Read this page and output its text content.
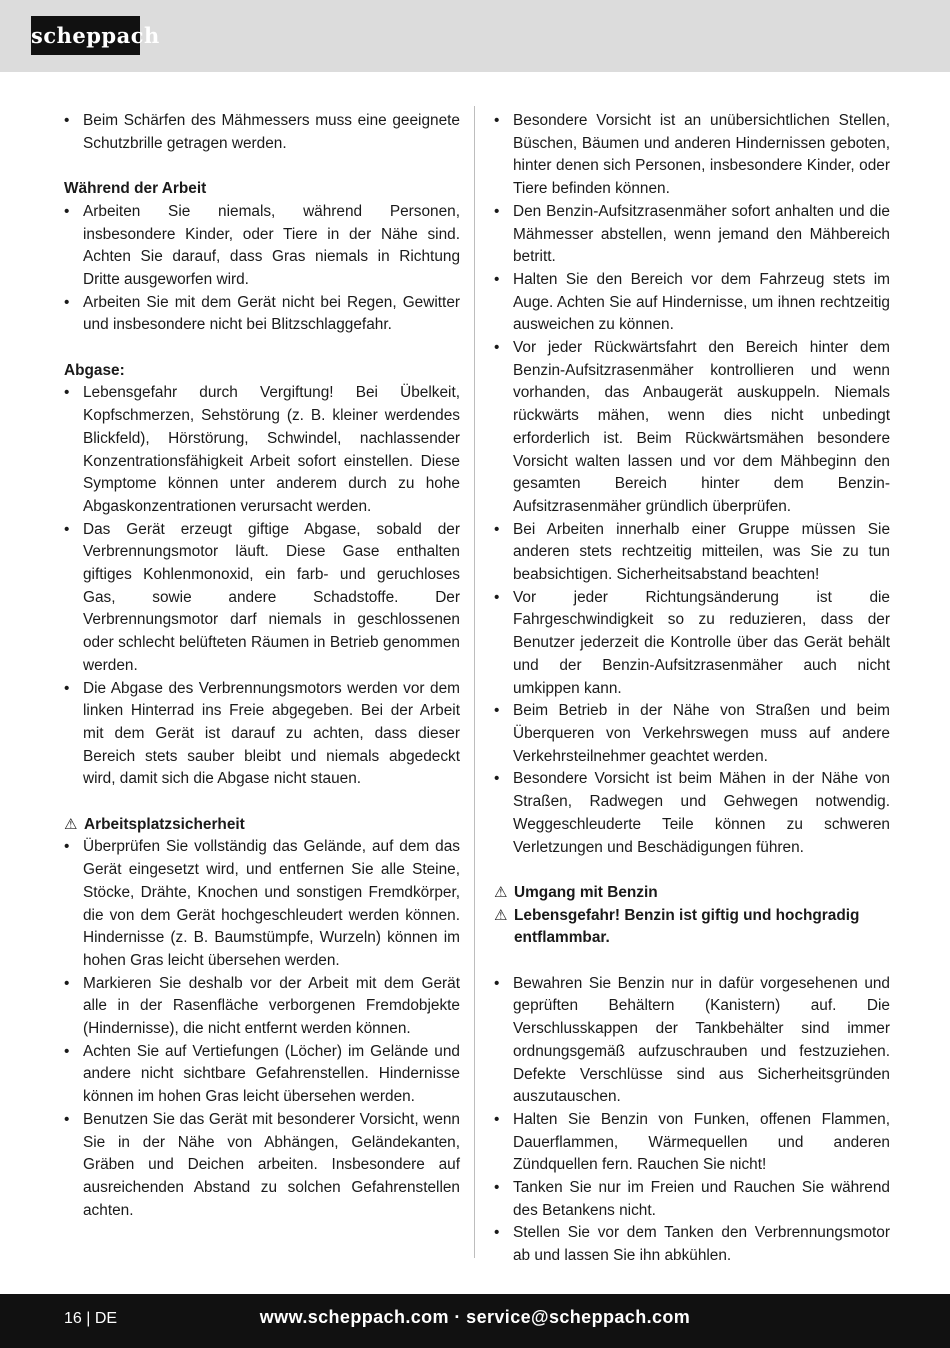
scheppach
• Beim Schärfen des Mähmessers muss eine geeignete Schutzbrille getragen werden.
Während der Arbeit
• Arbeiten Sie niemals, während Personen, insbesondere Kinder, oder Tiere in der Nähe sind. Achten Sie darauf, dass Gras niemals in Richtung Dritte ausgeworfen wird.
• Arbeiten Sie mit dem Gerät nicht bei Regen, Gewitter und insbesondere nicht bei Blitzschlaggefahr.
Abgase:
• Lebensgefahr durch Vergiftung! Bei Übelkeit, Kopfschmerzen, Sehstörung (z. B. kleiner werdendes Blickfeld), Hörstörung, Schwindel, nachlassender Konzentrationsfähigkeit Arbeit sofort einstellen. Diese Symptome können unter anderem durch zu hohe Abgaskonzentrationen verursacht werden.
• Das Gerät erzeugt giftige Abgase, sobald der Verbrennungsmotor läuft. Diese Gase enthalten giftiges Kohlenmonoxid, ein farb- und geruchloses Gas, sowie andere Schadstoffe. Der Verbrennungsmotor darf niemals in geschlossenen oder schlecht belüfteten Räumen in Betrieb genommen werden.
• Die Abgase des Verbrennungsmotors werden vor dem linken Hinterrad ins Freie abgegeben. Bei der Arbeit mit dem Gerät ist darauf zu achten, dass dieser Bereich stets sauber bleibt und niemals abgedeckt wird, damit sich die Abgase nicht stauen.
⚠ Arbeitsplatzsicherheit
• Überprüfen Sie vollständig das Gelände, auf dem das Gerät eingesetzt wird, und entfernen Sie alle Steine, Stöcke, Drähte, Knochen und sonstigen Fremdkörper, die von dem Gerät hochgeschleudert werden können. Hindernisse (z. B. Baumstümpfe, Wurzeln) können im hohen Gras leicht übersehen werden.
• Markieren Sie deshalb vor der Arbeit mit dem Gerät alle in der Rasenfläche verborgenen Fremdobjekte (Hindernisse), die nicht entfernt werden können.
• Achten Sie auf Vertiefungen (Löcher) im Gelände und andere nicht sichtbare Gefahrenstellen. Hindernisse können im hohen Gras leicht übersehen werden.
• Benutzen Sie das Gerät mit besonderer Vorsicht, wenn Sie in der Nähe von Abhängen, Geländekanten, Gräben und Deichen arbeiten. Insbesondere auf ausreichenden Abstand zu solchen Gefahrenstellen achten.
• Besondere Vorsicht ist an unübersichtlichen Stellen, Büschen, Bäumen und anderen Hindernissen geboten, hinter denen sich Personen, insbesondere Kinder, oder Tiere befinden können.
• Den Benzin-Aufsitzrasenmäher sofort anhalten und die Mähmesser abstellen, wenn jemand den Mähbereich betritt.
• Halten Sie den Bereich vor dem Fahrzeug stets im Auge. Achten Sie auf Hindernisse, um ihnen rechtzeitig ausweichen zu können.
• Vor jeder Rückwärtsfahrt den Bereich hinter dem Benzin-Aufsitzrasenmäher kontrollieren und wenn vorhanden, das Anbaugerät auskuppeln. Niemals rückwärts mähen, wenn dies nicht unbedingt erforderlich ist. Beim Rückwärtsmähen besondere Vorsicht walten lassen und vor dem Mähbeginn den gesamten Bereich hinter dem Benzin-Aufsitzrasenmäher gründlich überprüfen.
• Bei Arbeiten innerhalb einer Gruppe müssen Sie anderen stets rechtzeitig mitteilen, was Sie zu tun beabsichtigen. Sicherheitsabstand beachten!
• Vor jeder Richtungsänderung ist die Fahrgeschwindigkeit so zu reduzieren, dass der Benutzer jederzeit die Kontrolle über das Gerät behält und der Benzin-Aufsitzrasenmäher auch nicht umkippen kann.
• Beim Betrieb in der Nähe von Straßen und beim Überqueren von Verkehrswegen muss auf andere Verkehrsteilnehmer geachtet werden.
• Besondere Vorsicht ist beim Mähen in der Nähe von Straßen, Radwegen und Gehwegen notwendig. Weggeschleuderte Teile können zu schweren Verletzungen und Beschädigungen führen.
⚠ Umgang mit Benzin
⚠ Lebensgefahr! Benzin ist giftig und hochgradig entflammbar.
• Bewahren Sie Benzin nur in dafür vorgesehenen und geprüften Behältern (Kanistern) auf. Die Verschlusskappen der Tankbehälter sind immer ordnungsgemäß aufzuschrauben und festzuziehen. Defekte Verschlüsse sind aus Sicherheitsgründen auszutauschen.
• Halten Sie Benzin von Funken, offenen Flammen, Dauerflammen, Wärmequellen und anderen Zündquellen fern. Rauchen Sie nicht!
• Tanken Sie nur im Freien und Rauchen Sie während des Betankens nicht.
• Stellen Sie vor dem Tanken den Verbrennungsmotor ab und lassen Sie ihn abkühlen.
16 | DE	www.scheppach.com · service@scheppach.com
